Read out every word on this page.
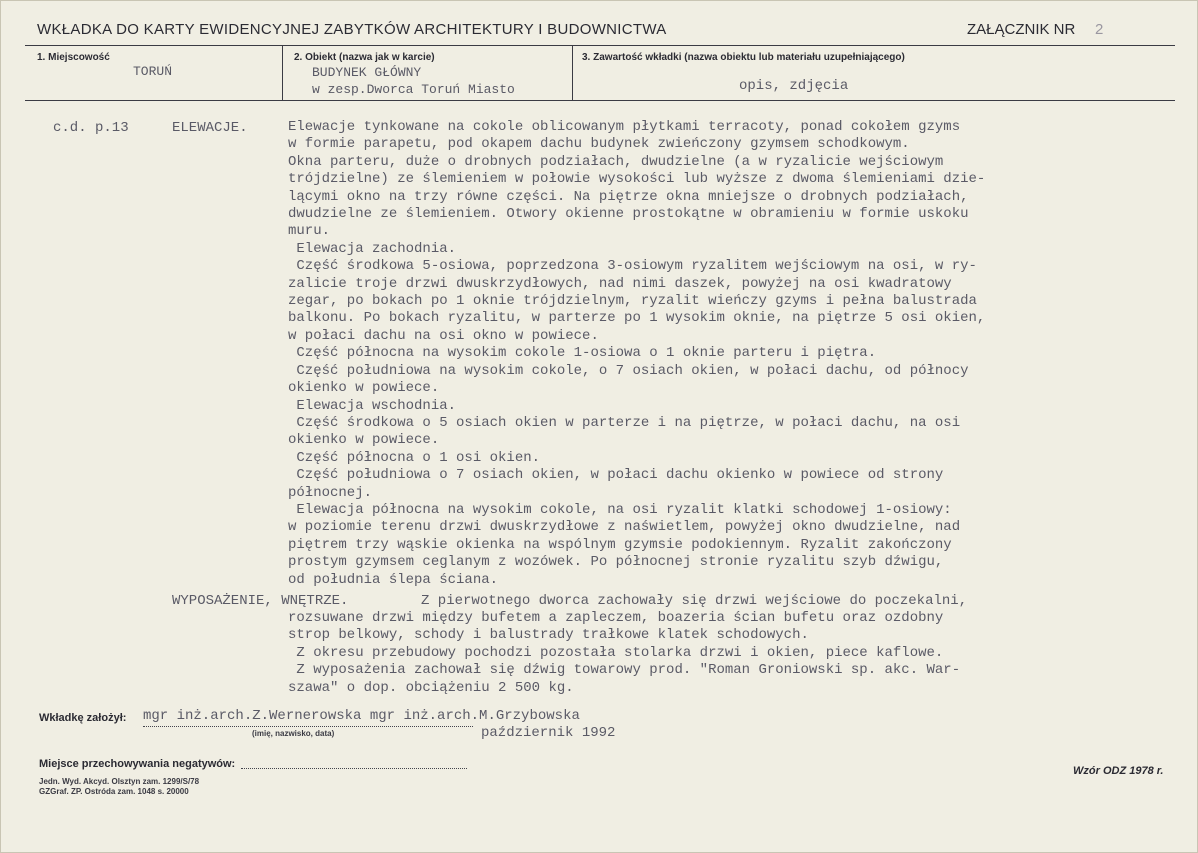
WKŁADKA DO KARTY EWIDENCYJNEJ ZABYTKÓW ARCHITEKTURY I BUDOWNICTWA	ZAŁĄCZNIK NR 2
1. Miejscowość
TORUŃ
2. Obiekt (nazwa jak w karcie)
BUDYNEK GŁÓWNY
w zesp.Dworca Toruń Miasto
3. Zawartość wkładki (nazwa obiektu lub materiału uzupełniającego)
opis, zdjęcia
c.d. p.13	ELEWACJE.	Elewacje tynkowane na cokole oblicowanym płytkami terracoty, ponad cokołem gzyms
w formie parapetu, pod okapem dachu budynek zwieńczony gzymsem schodkowym.
Okna parteru, duże o drobnych podziałach, dwudzielne (a w ryzalicie wejściowym
trójdzielne) ze ślemieniem w połowie wysokości lub wyższe z dwoma ślemieniami dzie-
lącymi okno na trzy równe części. Na piętrze okna mniejsze o drobnych podziałach,
dwudzielne ze ślemieniem. Otwory okienne prostokątne w obramieniu w formie uskoku
muru.
Elewacja zachodnia.
Część środkowa 5-osiowa, poprzedzona 3-osiowym ryzalitem wejściowym na osi, w ry-
zalicie troje drzwi dwuskrzydłowych, nad nimi daszek, powyżej na osi kwadratowy
zegar, po bokach po 1 oknie trójdzielnym, ryzalit wieńczy gzyms i pełna balustrada
balkonu. Po bokach ryzalitu, w parterze po 1 wysokim oknie, na piętrze 5 osi okien,
w połaci dachu na osi okno w powiece.
Część północna na wysokim cokole 1-osiowa o 1 oknie parteru i piętra.
Część południowa na wysokim cokole, o 7 osiach okien, w połaci dachu, od północy
okienko w powiece.
Elewacja wschodnia.
Część środkowa o 5 osiach okien w parterze i na piętrze, w połaci dachu, na osi
okienko w powiece.
Część północna o 1 osi okien.
Część południowa o 7 osiach okien, w połaci dachu okienko w powiece od strony
północnej.
Elewacja północna na wysokim cokole, na osi ryzalit klatki schodowej 1-osiowy:
w poziomie terenu drzwi dwuskrzydłowe z naświetlem, powyżej okno dwudzielne, nad
piętrem trzy wąskie okienka na wspólnym gzymsie podokiennym. Ryzalit zakończony
prostym gzymsem ceglanym z wozówek. Po północnej stronie ryzalitu szyb dźwigu,
od południa ślepa ściana.
WYPOSAŻENIE, WNĘTRZE.	Z pierwotnego dworca zachowały się drzwi wejściowe do poczekalni,
rozsuwane drzwi między bufetem a zapleczem, boazeria ścian bufetu oraz ozdobny
strop belkowy, schody i balustrady trałkowe klatek schodowych.
Z okresu przebudowy pochodzi pozostała stolarka drzwi i okien, piece kaflowe.
Z wyposażenia zachował się dźwig towarowy prod. "Roman Groniowski sp. akc. War-
szawa" o dop. obciążeniu 2 500 kg.
Wkładkę założył: mgr inż.arch.Z.Wernerowska mgr inż.arch.M.Grzybowska
(imię, nazwisko, data)	październik 1992
Miejsce przechowywania negatywów:
Jedn. Wyd. Akcyd. Olsztyn zam. 1299/S/78
GZGraf. ZP. Ostróda zam. 1048 s. 20000
Wzór ODZ 1978 r.
